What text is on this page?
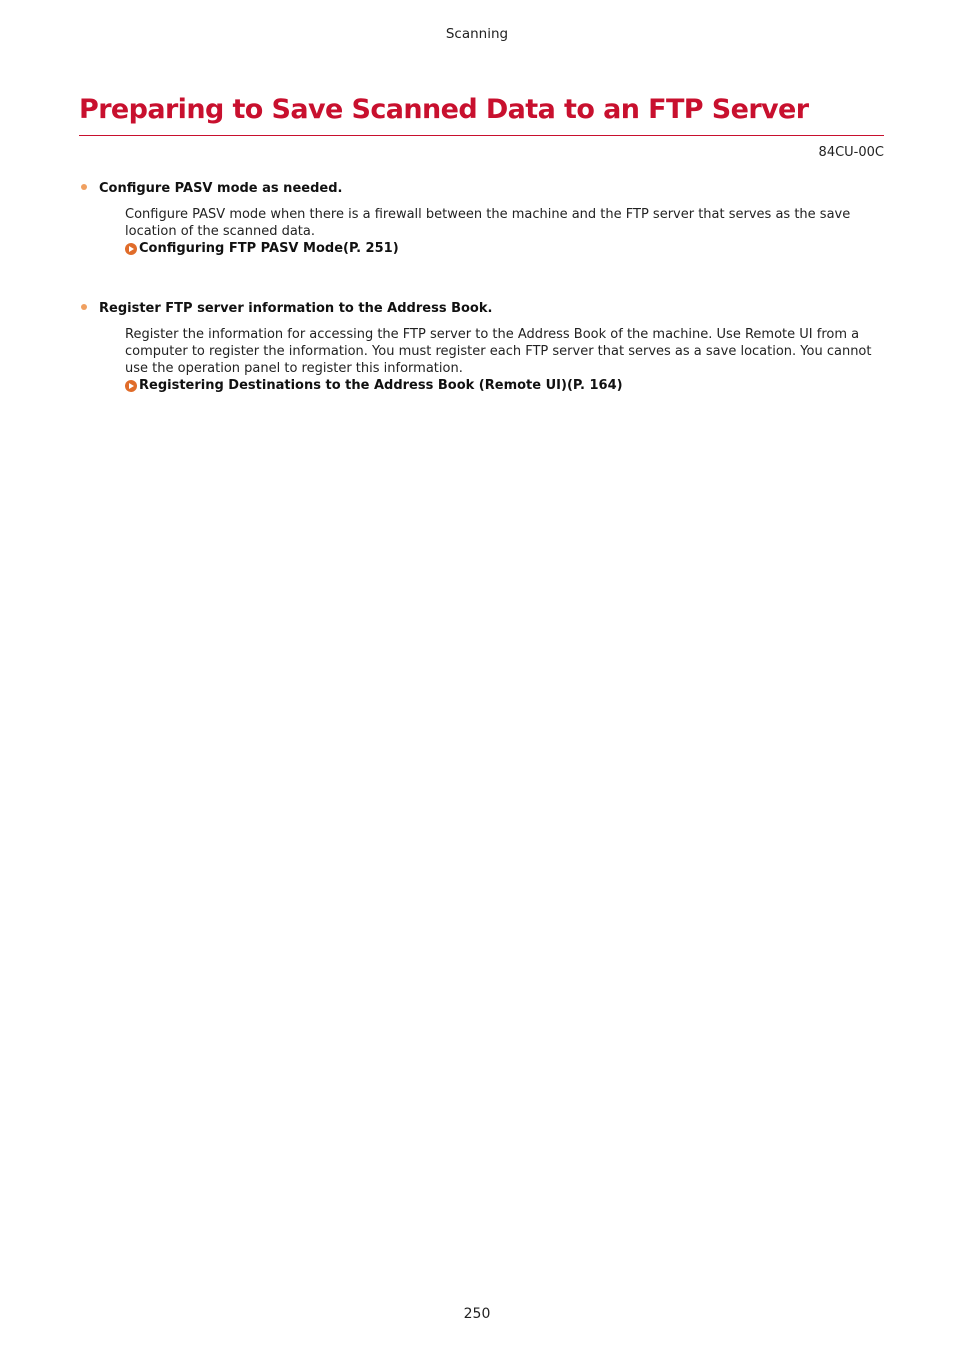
Scanning
Preparing to Save Scanned Data to an FTP Server
84CU-00C
Configure PASV mode as needed.
Configure PASV mode when there is a firewall between the machine and the FTP server that serves as the save location of the scanned data.
Configuring FTP PASV Mode(P. 251)
Register FTP server information to the Address Book.
Register the information for accessing the FTP server to the Address Book of the machine. Use Remote UI from a computer to register the information. You must register each FTP server that serves as a save location. You cannot use the operation panel to register this information.
Registering Destinations to the Address Book (Remote UI)(P. 164)
250
